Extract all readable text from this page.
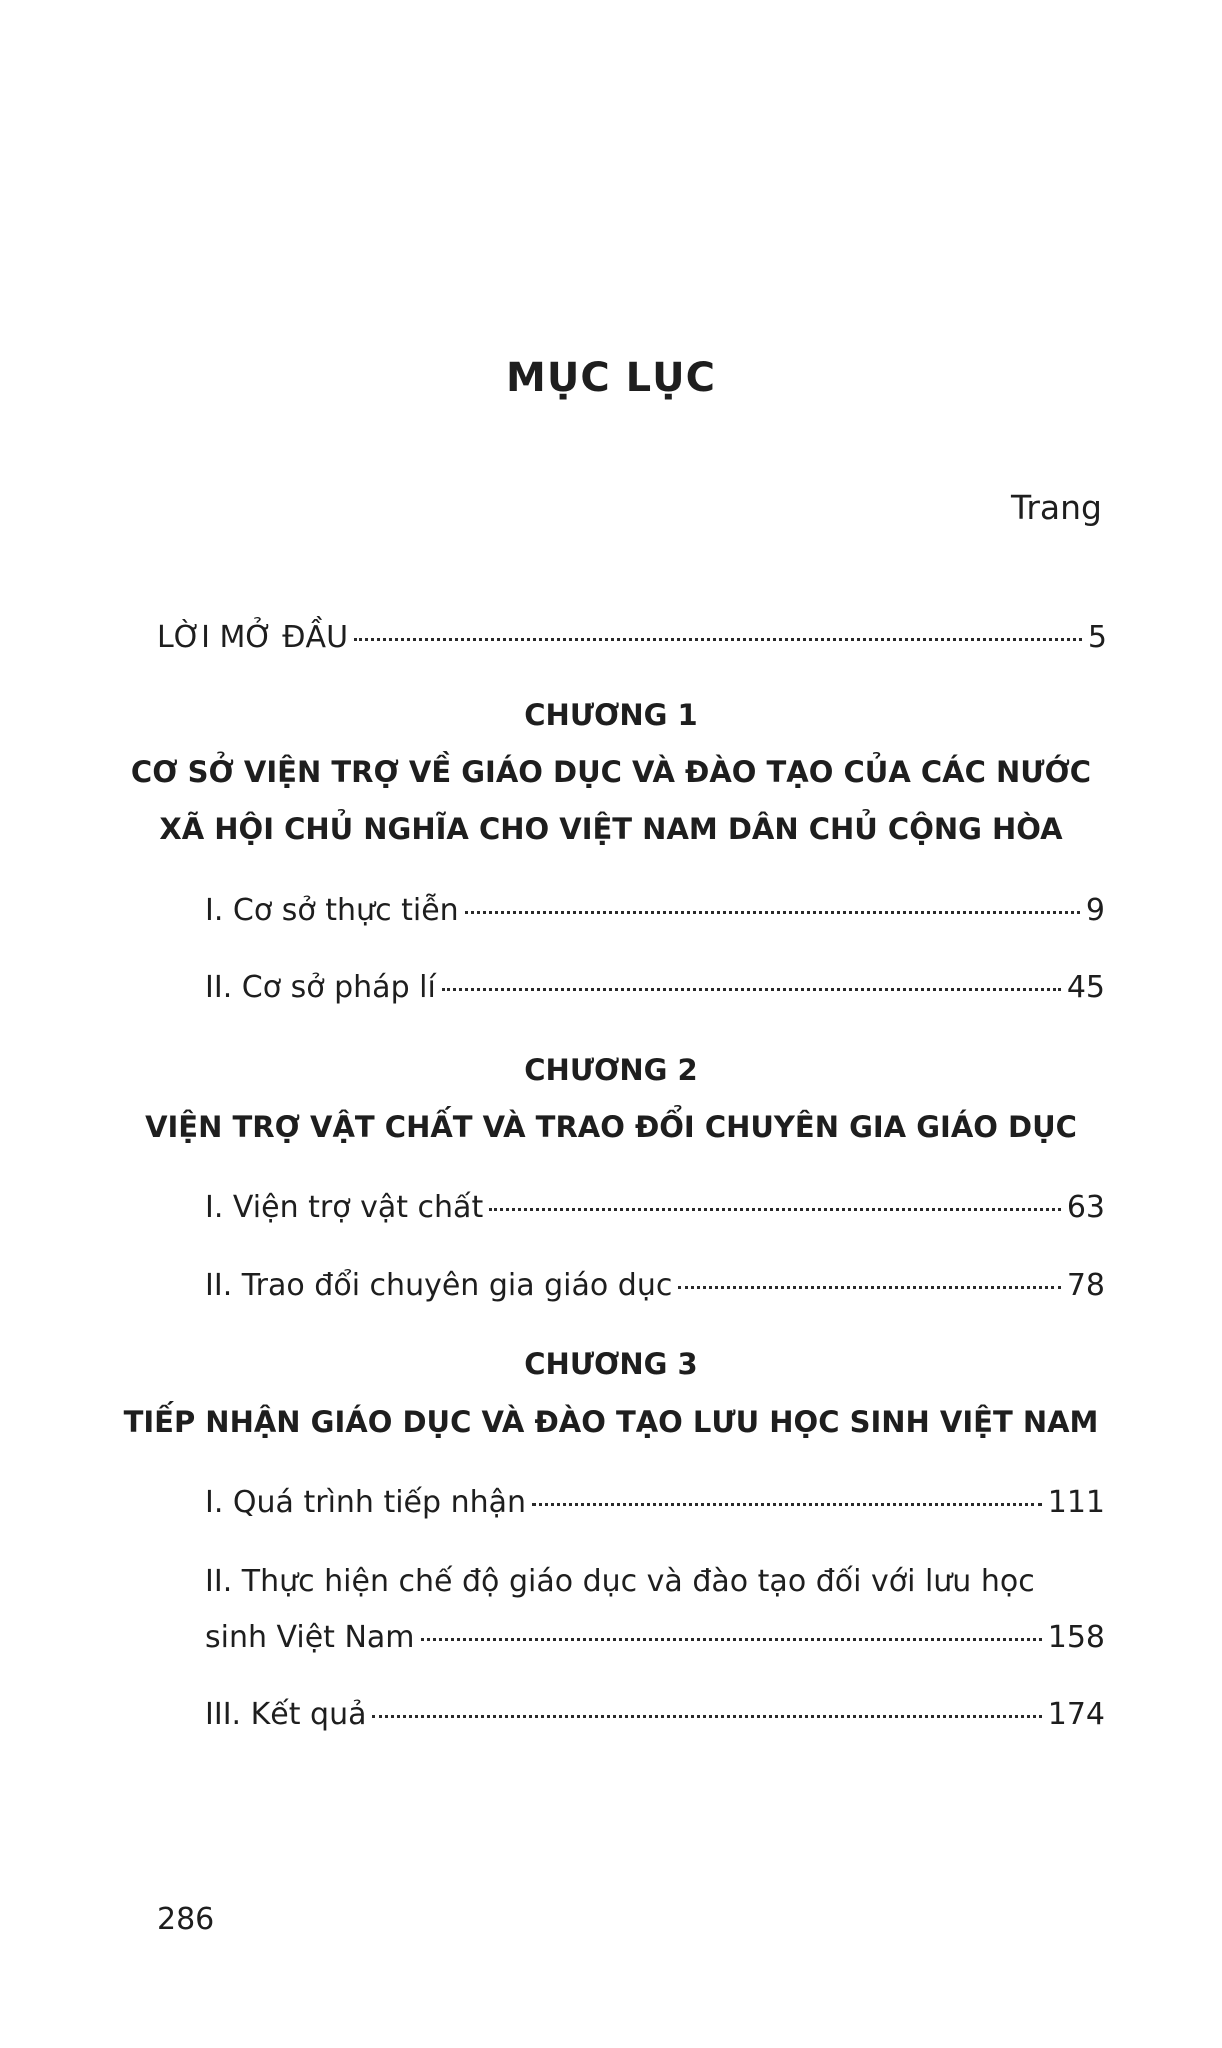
MỤC LỤC
Trang
LỜI MỞ ĐẦU	5
CHƯƠNG 1
CƠ SỞ VIỆN TRỢ VỀ GIÁO DỤC VÀ ĐÀO TẠO CỦA CÁC NƯỚC
XÃ HỘI CHỦ NGHĨA CHO VIỆT NAM DÂN CHỦ CỘNG HÒA
I. Cơ sở thực tiễn	9
II. Cơ sở pháp lí	45
CHƯƠNG 2
VIỆN TRỢ VẬT CHẤT VÀ TRAO ĐỔI CHUYÊN GIA GIÁO DỤC
I. Viện trợ vật chất	63
II. Trao đổi chuyên gia giáo dục	78
CHƯƠNG 3
TIẾP NHẬN GIÁO DỤC VÀ ĐÀO TẠO LƯU HỌC SINH VIỆT NAM
I. Quá trình tiếp nhận	111
II. Thực hiện chế độ giáo dục và đào tạo đối với lưu học
sinh Việt Nam	158
III. Kết quả	174
286
